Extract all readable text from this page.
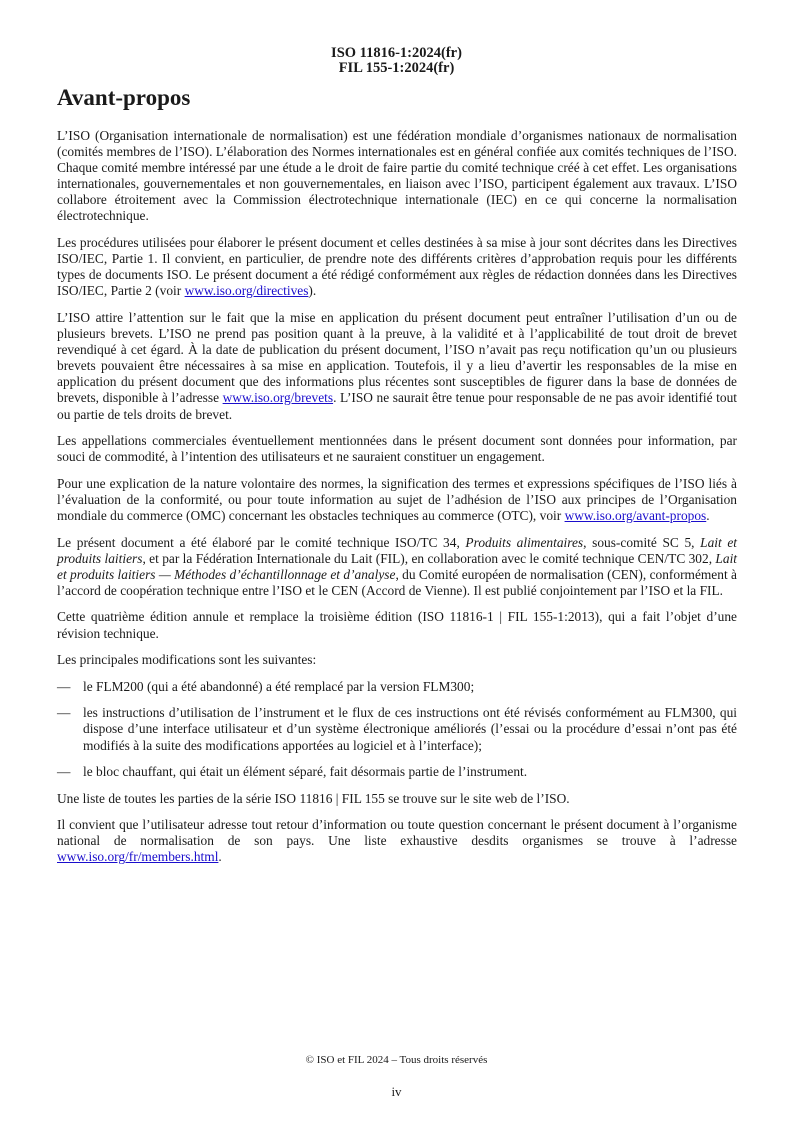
ISO 11816-1:2024(fr)
FIL 155-1:2024(fr)
Avant-propos

L’ISO (Organisation internationale de normalisation) est une fédération mondiale d’organismes nationaux de normalisation (comités membres de l’ISO). L’élaboration des Normes internationales est en général confiée aux comités techniques de l’ISO. Chaque comité membre intéressé par une étude a le droit de faire partie du comité technique créé à cet effet. Les organisations internationales, gouvernementales et non gouvernementales, en liaison avec l’ISO, participent également aux travaux. L’ISO collabore étroitement avec la Commission électrotechnique internationale (IEC) en ce qui concerne la normalisation électrotechnique.

Les procédures utilisées pour élaborer le présent document et celles destinées à sa mise à jour sont décrites dans les Directives ISO/IEC, Partie 1. Il convient, en particulier, de prendre note des différents critères d’approbation requis pour les différents types de documents ISO. Le présent document a été rédigé conformément aux règles de rédaction données dans les Directives ISO/IEC, Partie 2 (voir www.iso.org/directives).

L’ISO attire l’attention sur le fait que la mise en application du présent document peut entraîner l’utilisation d’un ou de plusieurs brevets. L’ISO ne prend pas position quant à la preuve, à la validité et à l’applicabilité de tout droit de brevet revendiqué à cet égard. À la date de publication du présent document, l’ISO n’avait pas reçu notification qu’un ou plusieurs brevets pouvaient être nécessaires à sa mise en application. Toutefois, il y a lieu d’avertir les responsables de la mise en application du présent document que des informations plus récentes sont susceptibles de figurer dans la base de données de brevets, disponible à l’adresse www.iso.org/brevets. L’ISO ne saurait être tenue pour responsable de ne pas avoir identifié tout ou partie de tels droits de brevet.

Les appellations commerciales éventuellement mentionnées dans le présent document sont données pour information, par souci de commodité, à l’intention des utilisateurs et ne sauraient constituer un engagement.

Pour une explication de la nature volontaire des normes, la signification des termes et expressions spécifiques de l’ISO liés à l’évaluation de la conformité, ou pour toute information au sujet de l’adhésion de l’ISO aux principes de l’Organisation mondiale du commerce (OMC) concernant les obstacles techniques au commerce (OTC), voir www.iso.org/avant-propos.

Le présent document a été élaboré par le comité technique ISO/TC 34, Produits alimentaires, sous-comité SC 5, Lait et produits laitiers, et par la Fédération Internationale du Lait (FIL), en collaboration avec le comité technique CEN/TC 302, Lait et produits laitiers — Méthodes d’échantillonnage et d’analyse, du Comité européen de normalisation (CEN), conformément à l’accord de coopération technique entre l’ISO et le CEN (Accord de Vienne). Il est publié conjointement par l’ISO et la FIL.

Cette quatrième édition annule et remplace la troisième édition (ISO 11816-1 | FIL 155-1:2013), qui a fait l’objet d’une révision technique.

Les principales modifications sont les suivantes:

— le FLM200 (qui a été abandonné) a été remplacé par la version FLM300;
— les instructions d’utilisation de l’instrument et le flux de ces instructions ont été révisés conformément au FLM300, qui dispose d’une interface utilisateur et d’un système électronique améliorés (l’essai ou la procédure d’essai n’ont pas été modifiés à la suite des modifications apportées au logiciel et à l’interface);
— le bloc chauffant, qui était un élément séparé, fait désormais partie de l’instrument.

Une liste de toutes les parties de la série ISO 11816 | FIL 155 se trouve sur le site web de l’ISO.

Il convient que l’utilisateur adresse tout retour d’information ou toute question concernant le présent document à l’organisme national de normalisation de son pays. Une liste exhaustive desdits organismes se trouve à l’adresse www.iso.org/fr/members.html.

© ISO et FIL 2024 – Tous droits réservés
iv
